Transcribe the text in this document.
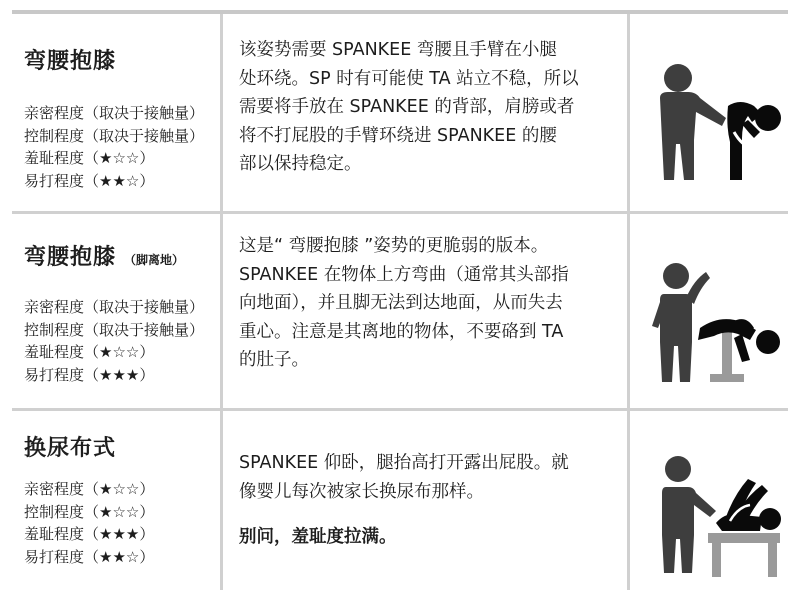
弯腰抱膝
亲密程度（取决于接触量）
控制程度（取决于接触量）
羞耻程度（★☆☆）
易打程度（★★☆）

该姿势需要 SPANKEE 弯腰且手臂在小腿

处环绕。SP 时有可能使 TA 站立不稳，所以

需要将手放在 SPANKEE 的背部，肩膀或者

将不打屁股的手臂环绕进 SPANKEE 的腰

部以保持稳定。

弯腰抱膝 （脚离地）
亲密程度（取决于接触量）
控制程度（取决于接触量）
羞耻程度（★☆☆）
易打程度（★★★）

这是“ 弯腰抱膝 ”姿势的更脆弱的版本。

SPANKEE 在物体上方弯曲（通常其头部指

向地面），并且脚无法到达地面，从而失去

重心。注意是其离地的物体，不要硌到 TA

的肚子。

换尿布式
亲密程度（★☆☆）
控制程度（★☆☆）
羞耻程度（★★★）
易打程度（★★☆）

SPANKEE 仰卧，腿抬高打开露出屁股。就

像婴儿每次被家长换尿布那样。

别问，羞耻度拉满。
